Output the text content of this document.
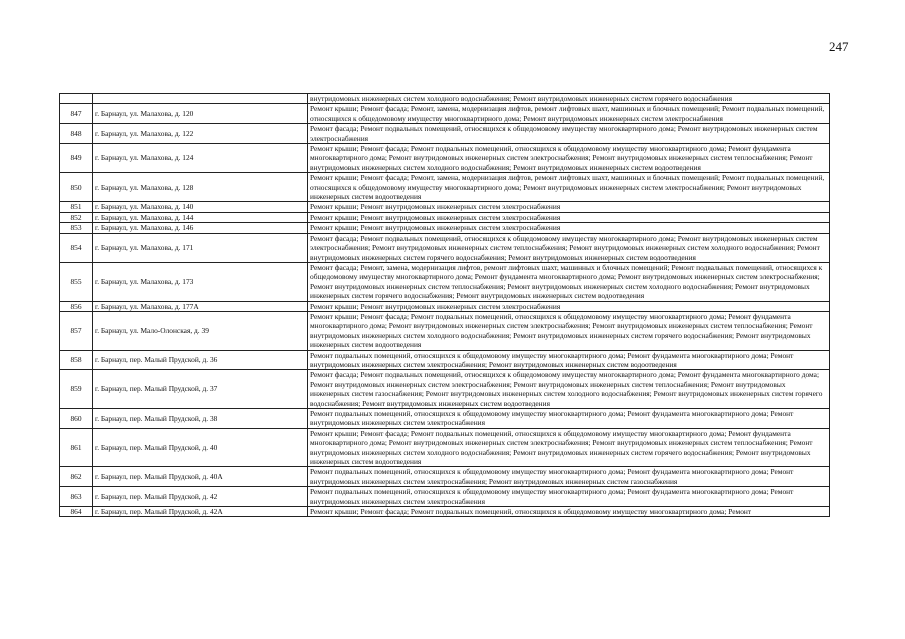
247
		внутридомовых инженерных систем холодного водоснабжения; Ремонт внутридомовых инженерных систем горячего водоснабжения
847	г. Барнаул, ул. Малахова, д. 120	Ремонт крыши; Ремонт фасада; Ремонт, замена, модернизация лифтов, ремонт лифтовых шахт, машинных и блочных помещений; Ремонт подвальных помещений, относящихся к общедомовому имуществу многоквартирного дома; Ремонт внутридомовых инженерных систем электроснабжения
848	г. Барнаул, ул. Малахова, д. 122	Ремонт фасада; Ремонт подвальных помещений, относящихся к общедомовому имуществу многоквартирного дома; Ремонт внутридомовых инженерных систем электроснабжения
849	г. Барнаул, ул. Малахова, д. 124	Ремонт крыши; Ремонт фасада; Ремонт подвальных помещений, относящихся к общедомовому имуществу многоквартирного дома; Ремонт фундамента многоквартирного дома; Ремонт внутридомовых инженерных систем электроснабжения; Ремонт внутридомовых инженерных систем теплоснабжения; Ремонт внутридомовых инженерных систем холодного водоснабжения; Ремонт внутридомовых инженерных систем водоотведения
850	г. Барнаул, ул. Малахова, д. 128	Ремонт крыши; Ремонт фасада; Ремонт, замена, модернизация лифтов, ремонт лифтовых шахт, машинных и блочных помещений; Ремонт подвальных помещений, относящихся к общедомовому имуществу многоквартирного дома; Ремонт внутридомовых инженерных систем электроснабжения; Ремонт внутридомовых инженерных систем водоотведения
851	г. Барнаул, ул. Малахова, д. 140	Ремонт крыши; Ремонт внутридомовых инженерных систем электроснабжения
852	г. Барнаул, ул. Малахова, д. 144	Ремонт крыши; Ремонт внутридомовых инженерных систем электроснабжения
853	г. Барнаул, ул. Малахова, д. 146	Ремонт крыши; Ремонт внутридомовых инженерных систем электроснабжения
854	г. Барнаул, ул. Малахова, д. 171	Ремонт фасада; Ремонт подвальных помещений, относящихся к общедомовому имуществу многоквартирного дома; Ремонт внутридомовых инженерных систем электроснабжения; Ремонт внутридомовых инженерных систем теплоснабжения; Ремонт внутридомовых инженерных систем холодного водоснабжения; Ремонт внутридомовых инженерных систем горячего водоснабжения; Ремонт внутридомовых инженерных систем водоотведения
855	г. Барнаул, ул. Малахова, д. 173	Ремонт фасада; Ремонт, замена, модернизация лифтов, ремонт лифтовых шахт, машинных и блочных помещений; Ремонт подвальных помещений, относящихся к общедомовому имуществу многоквартирного дома; Ремонт фундамента многоквартирного дома; Ремонт внутридомовых инженерных систем электроснабжения; Ремонт внутридомовых инженерных систем теплоснабжения; Ремонт внутридомовых инженерных систем холодного водоснабжения; Ремонт внутридомовых инженерных систем горячего водоснабжения; Ремонт внутридомовых инженерных систем водоотведения
856	г. Барнаул, ул. Малахова, д. 177А	Ремонт крыши; Ремонт внутридомовых инженерных систем электроснабжения
857	г. Барнаул, ул. Мало-Олонская, д. 39	Ремонт крыши; Ремонт фасада; Ремонт подвальных помещений, относящихся к общедомовому имуществу многоквартирного дома; Ремонт фундамента многоквартирного дома; Ремонт внутридомовых инженерных систем электроснабжения; Ремонт внутридомовых инженерных систем теплоснабжения; Ремонт внутридомовых инженерных систем холодного водоснабжения; Ремонт внутридомовых инженерных систем горячего водоснабжения; Ремонт внутридомовых инженерных систем водоотведения
858	г. Барнаул, пер. Малый Прудской, д. 36	Ремонт подвальных помещений, относящихся к общедомовому имуществу многоквартирного дома; Ремонт фундамента многоквартирного дома; Ремонт внутридомовых инженерных систем электроснабжения; Ремонт внутридомовых инженерных систем водоотведения
859	г. Барнаул, пер. Малый Прудской, д. 37	Ремонт фасада; Ремонт подвальных помещений, относящихся к общедомовому имуществу многоквартирного дома; Ремонт фундамента многоквартирного дома; Ремонт внутридомовых инженерных систем электроснабжения; Ремонт внутридомовых инженерных систем теплоснабжения; Ремонт внутридомовых инженерных систем газоснабжения; Ремонт внутридомовых инженерных систем холодного водоснабжения; Ремонт внутридомовых инженерных систем горячего водоснабжения; Ремонт внутридомовых инженерных систем водоотведения
860	г. Барнаул, пер. Малый Прудской, д. 38	Ремонт подвальных помещений, относящихся к общедомовому имуществу многоквартирного дома; Ремонт фундамента многоквартирного дома; Ремонт внутридомовых инженерных систем электроснабжения
861	г. Барнаул, пер. Малый Прудской, д. 40	Ремонт крыши; Ремонт фасада; Ремонт подвальных помещений, относящихся к общедомовому имуществу многоквартирного дома; Ремонт фундамента многоквартирного дома; Ремонт внутридомовых инженерных систем электроснабжения; Ремонт внутридомовых инженерных систем теплоснабжения; Ремонт внутридомовых инженерных систем холодного водоснабжения; Ремонт внутридомовых инженерных систем горячего водоснабжения; Ремонт внутридомовых инженерных систем водоотведения
862	г. Барнаул, пер. Малый Прудской, д. 40А	Ремонт подвальных помещений, относящихся к общедомовому имуществу многоквартирного дома; Ремонт фундамента многоквартирного дома; Ремонт внутридомовых инженерных систем электроснабжения; Ремонт внутридомовых инженерных систем газоснабжения
863	г. Барнаул, пер. Малый Прудской, д. 42	Ремонт подвальных помещений, относящихся к общедомовому имуществу многоквартирного дома; Ремонт фундамента многоквартирного дома; Ремонт внутридомовых инженерных систем электроснабжения
864	г. Барнаул, пер. Малый Прудской, д. 42А	Ремонт крыши; Ремонт фасада; Ремонт подвальных помещений, относящихся к общедомовому имуществу многоквартирного дома; Ремонт
